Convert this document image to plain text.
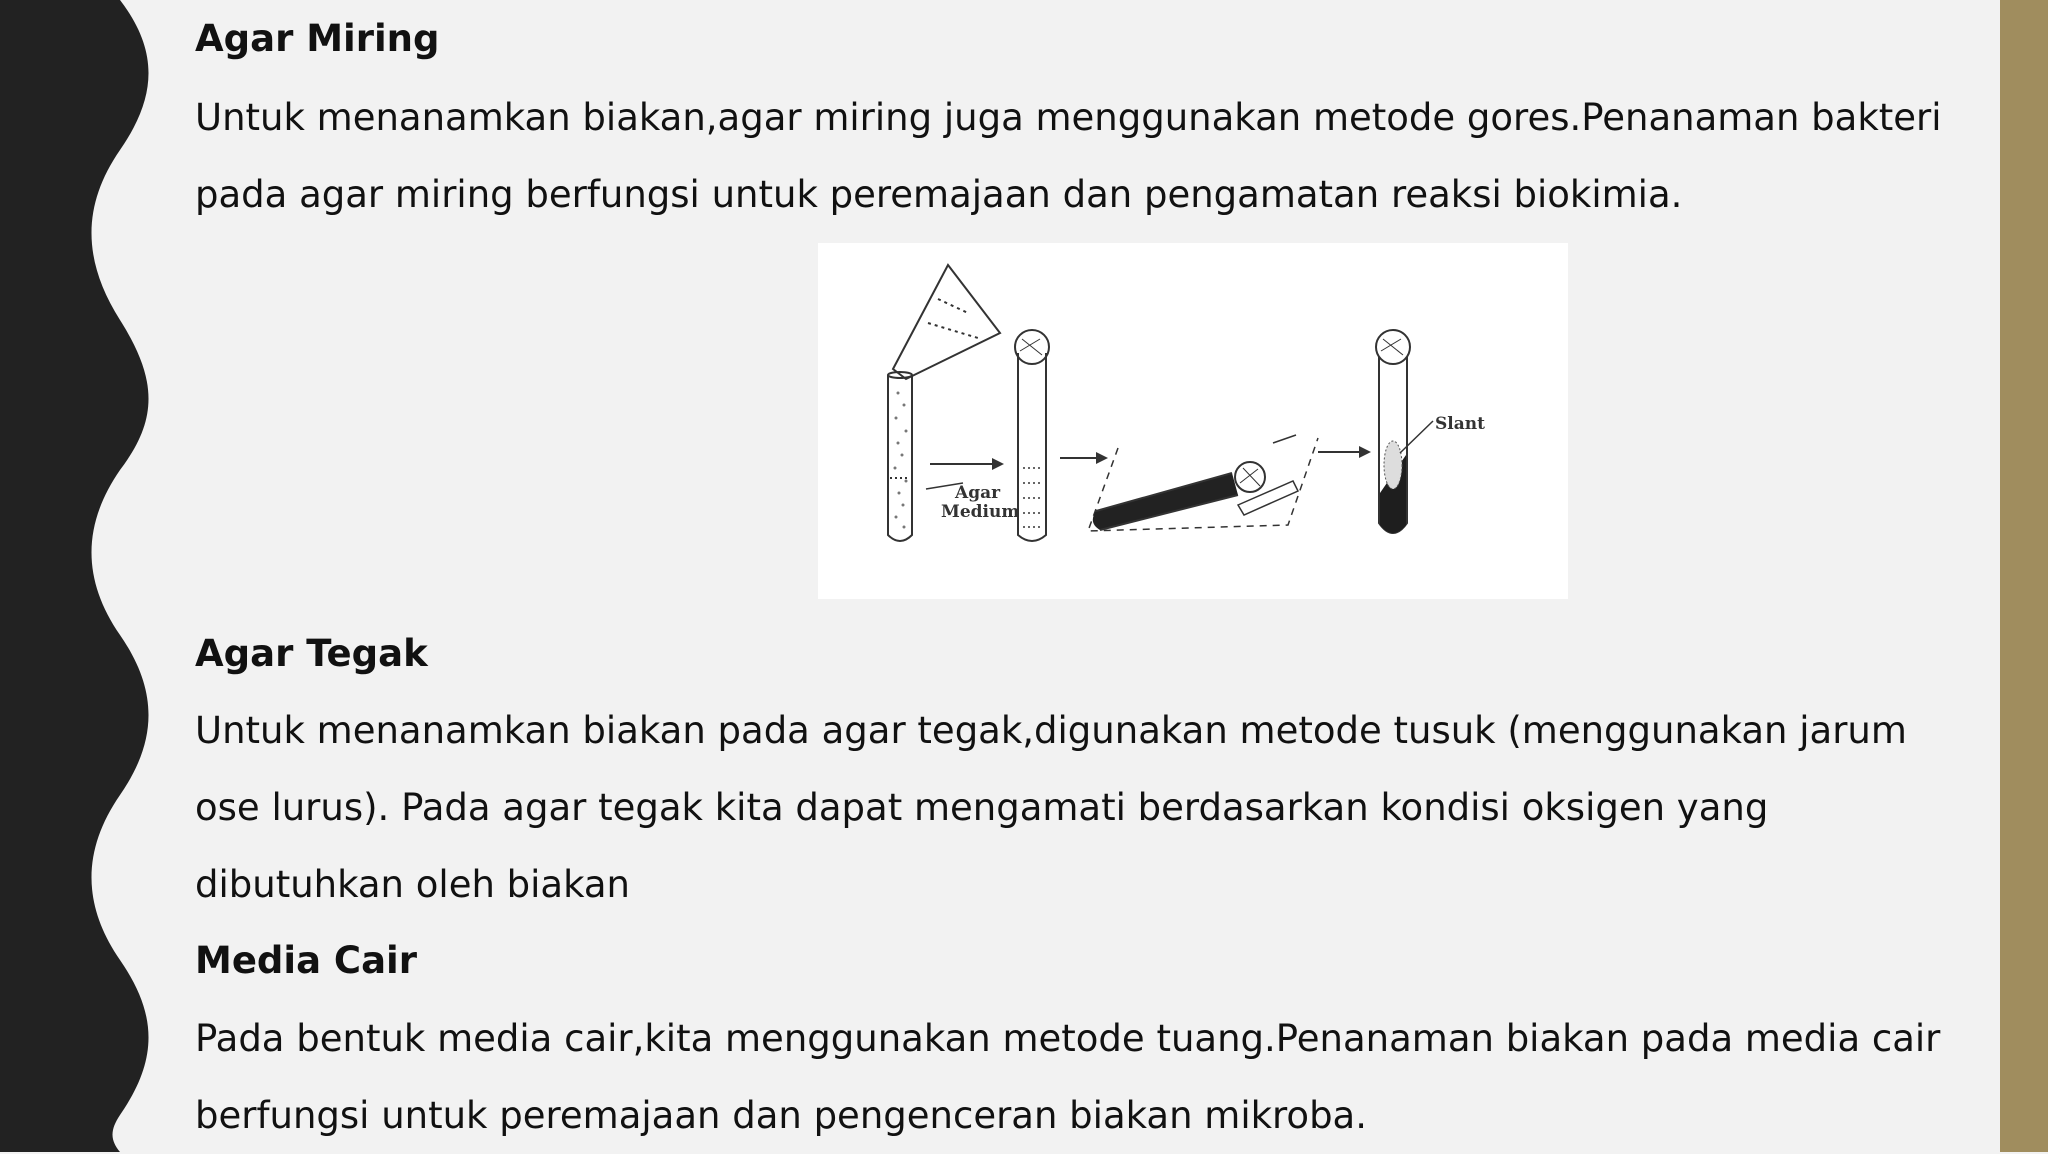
Agar Miring
Untuk menanamkan biakan,agar miring juga menggunakan metode gores.Penanaman bakteri pada agar miring berfungsi untuk peremajaan dan pengamatan reaksi biokimia.
Agar
Medium
Slant
Agar Tegak
Untuk menanamkan biakan pada agar tegak,digunakan metode tusuk (menggunakan jarum ose lurus). Pada agar tegak kita dapat mengamati berdasarkan kondisi oksigen yang dibutuhkan oleh biakan
Media Cair
Pada bentuk media cair,kita menggunakan metode tuang.Penanaman biakan pada media cair berfungsi untuk peremajaan dan pengenceran biakan mikroba.
